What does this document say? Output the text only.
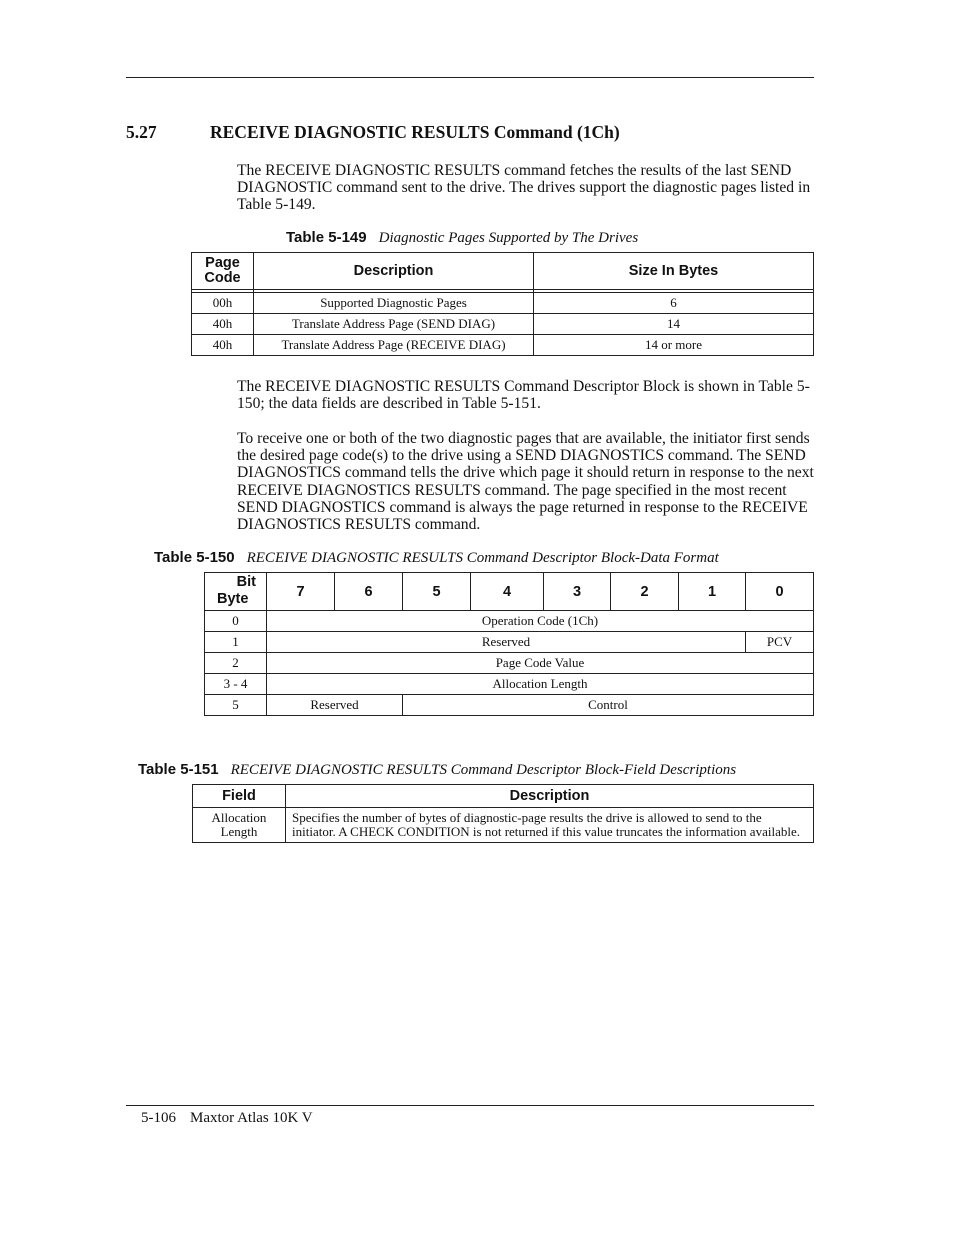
5.27	RECEIVE DIAGNOSTIC RESULTS Command (1Ch)

The RECEIVE DIAGNOSTIC RESULTS command fetches the results of the last SEND DIAGNOSTIC command sent to the drive. The drives support the diagnostic pages listed in Table 5-149.

Table 5-149 Diagnostic Pages Supported by The Drives
Page
Code	Description	Size In Bytes

00h	Supported Diagnostic Pages	6
40h	Translate Address Page (SEND DIAG)	14
40h	Translate Address Page (RECEIVE DIAG)	14 or more

The RECEIVE DIAGNOSTIC RESULTS Command Descriptor Block is shown in Table 5-150; the data fields are described in Table 5-151.

To receive one or both of the two diagnostic pages that are available, the initiator first sends the desired page code(s) to the drive using a SEND DIAGNOSTICS command. The SEND DIAGNOSTICS command tells the drive which page it should return in response to the next RECEIVE DIAGNOSTICS RESULTS command. The page specified in the most recent SEND DIAGNOSTICS command is always the page returned in response to the RECEIVE DIAGNOSTICS RESULTS command.

Table 5-150 RECEIVE DIAGNOSTIC RESULTS Command Descriptor Block-Data Format
Bit
Byte	7	6	5	4	3	2	1	0
0	Operation Code (1Ch)							
1	Reserved							PCV
2	Page Code Value							
3 - 4	Allocation Length							
5	Reserved		Control					
Table 5-151 RECEIVE DIAGNOSTIC RESULTS Command Descriptor Block-Field Descriptions
Field	Description
Allocation
Length	Specifies the number of bytes of diagnostic-page results the drive is allowed to send to the initiator. A CHECK CONDITION is not returned if this value truncates the information available.
5-106 Maxtor Atlas 10K V
